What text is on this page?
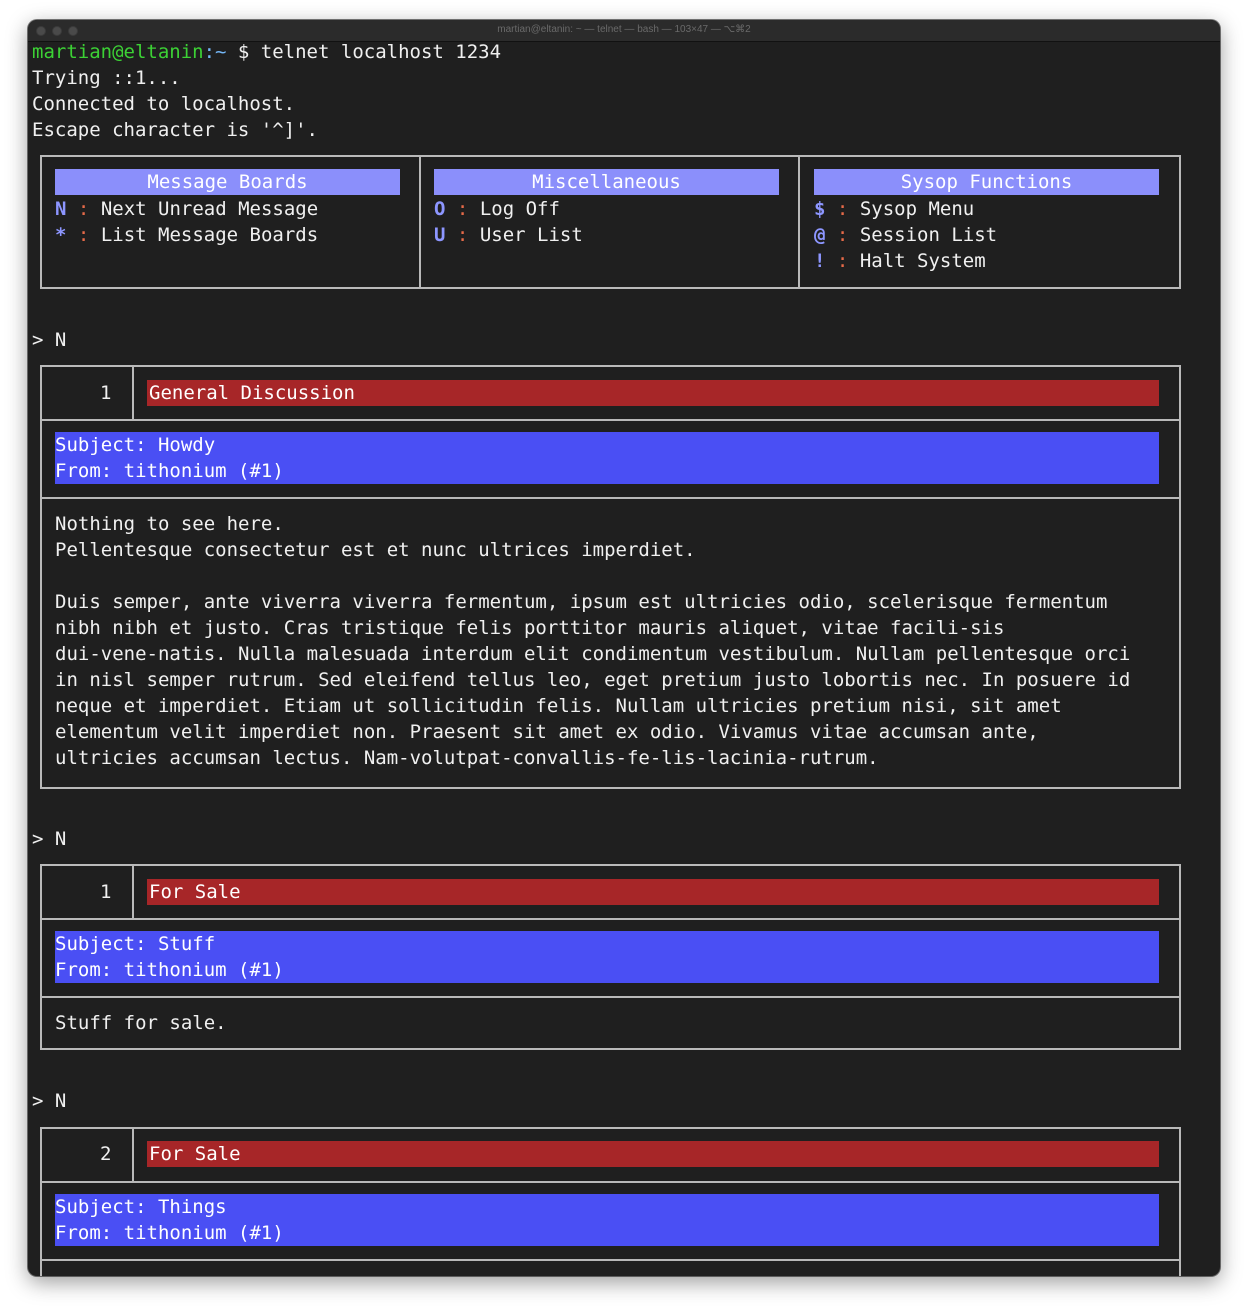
martian@eltanin: ~ — telnet — bash — 103×47 — ⌥⌘2
martian@eltanin:~ $ telnet localhost 1234
Trying ::1...
Connected to localhost.
Escape character is '^]'.
Message Boards	Miscellaneous	Sysop Functions
N : Next Unread Message
* : List Message Boards
O : Log Off
U : User List
$ : Sysop Menu
@ : Session List
! : Halt System
> N
1 General Discussion
Subject: Howdy
From: tithonium (#1)
Nothing to see here.
Pellentesque consectetur est et nunc ultrices imperdiet.
Duis semper, ante viverra viverra fermentum, ipsum est ultricies odio, scelerisque fermentum
nibh nibh et justo. Cras tristique felis porttitor mauris aliquet, vitae facili-sis
dui-vene-natis. Nulla malesuada interdum elit condimentum vestibulum. Nullam pellentesque orci
in nisl semper rutrum. Sed eleifend tellus leo, eget pretium justo lobortis nec. In posuere id
neque et imperdiet. Etiam ut sollicitudin felis. Nullam ultricies pretium nisi, sit amet
elementum velit imperdiet non. Praesent sit amet ex odio. Vivamus vitae accumsan ante,
ultricies accumsan lectus. Nam-volutpat-convallis-fe-lis-lacinia-rutrum.
> N
1 For Sale
Subject: Stuff
From: tithonium (#1)
Stuff for sale.
> N
2 For Sale
Subject: Things
From: tithonium (#1)
